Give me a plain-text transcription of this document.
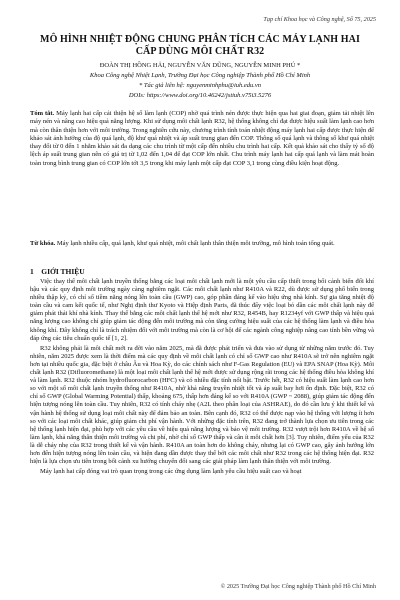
Tạp chí Khoa học và Công nghệ, Số 75, 2025
MÔ HÌNH NHIỆT ĐỘNG CHUNG PHÂN TÍCH CÁC MÁY LẠNH HAI CẤP DÙNG MÔI CHẤT R32
ĐOÀN THỊ HỒNG HẢI, NGUYỄN VĂN DŨNG, NGUYỄN MINH PHÚ *
Khoa Công nghệ Nhiệt Lạnh, Trường Đại học Công nghiệp Thành phố Hồ Chí Minh
* Tác giả liên hệ: nguyenminhphu@iuh.edu.vn
DOIs: https://www.doi.org/10.46242/jstiuh.v75i3.5276
Tóm tắt. Máy lạnh hai cấp cải thiện hệ số làm lạnh (COP) nhờ quá trình nén được thực hiện qua hai giai đoạn, giảm tải nhiệt lên máy nén và nâng cao hiệu quả năng lượng. Khi sử dụng môi chất lạnh R32, hệ thống không chỉ đạt được hiệu suất làm lạnh cao hơn mà còn thân thiện hơn với môi trường. Trong nghiên cứu này, chương trình tính toán nhiệt động máy lạnh hai cấp được thực hiện để khảo sát ảnh hưởng của độ quá lạnh, độ khư quá nhiệt và áp suất trung gian đến COP. Thông số quá lạnh và thông số khư quá nhiệt thay đổi từ 0 đến 1 nhằm khảo sát đa dạng các chu trình từ một cấp đến nhiều chu trình hai cấp. Kết quả khảo sát cho thấy tỷ số độ lệch áp suất trung gian nên có giá trị từ 1,02 đến 1,04 để đạt COP lớn nhất. Chu trình máy lạnh hai cấp quá lạnh và làm mát hoàn toàn trong bình trung gian có COP lớn tới 3,5 trong khi máy lạnh một cấp đạt COP 3,1 trong cùng điều kiện hoạt động.
Từ khóa. Máy lạnh nhiều cấp, quá lạnh, khư quá nhiệt, môi chất lạnh thân thiện môi trường, mô hình toán tổng quát.
1 GIỚI THIỆU

Việc thay thế môi chất lạnh truyền thống bằng các loại môi chất lạnh mới là một yêu cầu cấp thiết trong bối cảnh biến đổi khí hậu và các quy định môi trường ngày càng nghiêm ngặt. Các môi chất lạnh như R410A và R22, dù được sử dụng phổ biến trong nhiều thập kỷ, có chỉ số tiềm năng nóng lên toàn cầu (GWP) cao, góp phần đáng kể vào hiệu ứng nhà kính. Sự gia tăng nhiệt độ toàn cầu và cam kết quốc tế, như Nghị định thư Kyoto và Hiệp định Paris, đã thúc đẩy việc loại bỏ dần các môi chất lạnh này để giảm phát thải khí nhà kính. Thay thế bằng các môi chất lạnh thế hệ mới như R32, R454B, hay R1234yf với GWP thấp và hiệu quả năng lượng cao không chỉ giúp giảm tác động đến môi trường mà còn tăng cường hiệu suất của các hệ thống làm lạnh và điều hòa không khí. Đây không chỉ là trách nhiệm đối với môi trường mà còn là cơ hội để các ngành công nghiệp nâng cao tính bền vững và đáp ứng các tiêu chuẩn quốc tế [1, 2].

R32 không phải là môi chất mới ra đời vào năm 2025, mà đã được phát triển và đưa vào sử dụng từ những năm trước đó. Tuy nhiên, năm 2025 được xem là thời điểm mà các quy định về môi chất lạnh có chỉ số GWP cao như R410A sẽ trở nên nghiêm ngặt hơn tại nhiều quốc gia, đặc biệt ở châu Âu và Hoa Kỳ, do các chính sách như F-Gas Regulation (EU) và EPA SNAP (Hoa Kỳ). Môi chất lạnh R32 (Difluoromethane) là một loại môi chất lạnh thế hệ mới được sử dụng rộng rãi trong các hệ thống điều hòa không khí và làm lạnh. R32 thuộc nhóm hydrofluorocarbon (HFC) và có nhiều đặc tính nổi bật. Trước hết, R32 có hiệu suất làm lạnh cao hơn so với một số môi chất lạnh truyền thống như R410A, nhờ khả năng truyền nhiệt tốt và áp suất bay hơi ổn định. Đặc biệt, R32 có chỉ số GWP (Global Warming Potential) thấp, khoảng 675, thấp hơn đáng kể so với R410A (GWP ~ 2088), giúp giảm tác động đến hiện tượng nóng lên toàn cầu. Tuy nhiên, R32 có tính cháy nhẹ (A2L theo phân loại của ASHRAE), do đó cần lưu ý khi thiết kế và vận hành hệ thống sử dụng loại môi chất này để đảm bảo an toàn. Bên cạnh đó, R32 có thể được nạp vào hệ thống với lượng ít hơn so với các loại môi chất khác, giúp giảm chi phí vận hành. Với những đặc tính trên, R32 đang trở thành lựa chọn ưu tiên trong các hệ thống lạnh hiện đại, phù hợp với các yêu cầu về hiệu quả năng lượng và bảo vệ môi trường. R32 vượt trội hơn R410A về hệ số làm lạnh, khả năng thân thiện môi trường và chi phí, nhờ chỉ số GWP thấp và cân ít môi chất hơn [3]. Tuy nhiên, điểm yếu của R32 là dễ cháy nhẹ của R32 trong thiết kế và vận hành. R410A an toàn hơn do không cháy, nhưng lại có GWP cao, gây ảnh hưởng lớn hơn đến hiện tượng nóng lên toàn cầu, và hiện đang dần được thay thế bởi các môi chất như R32 trong các hệ thống hiện đại. R32 hiện là lựa chọn ưu tiên trong bối cảnh xu hướng chuyển đổi sang các giải pháp làm lạnh thân thiện với môi trường.

Máy lạnh hai cấp đóng vai trò quan trọng trong các ứng dụng làm lạnh yêu cầu hiệu suất cao và hoạt

© 2025 Trường Đại học Công nghiệp Thành phố Hồ Chí Minh
